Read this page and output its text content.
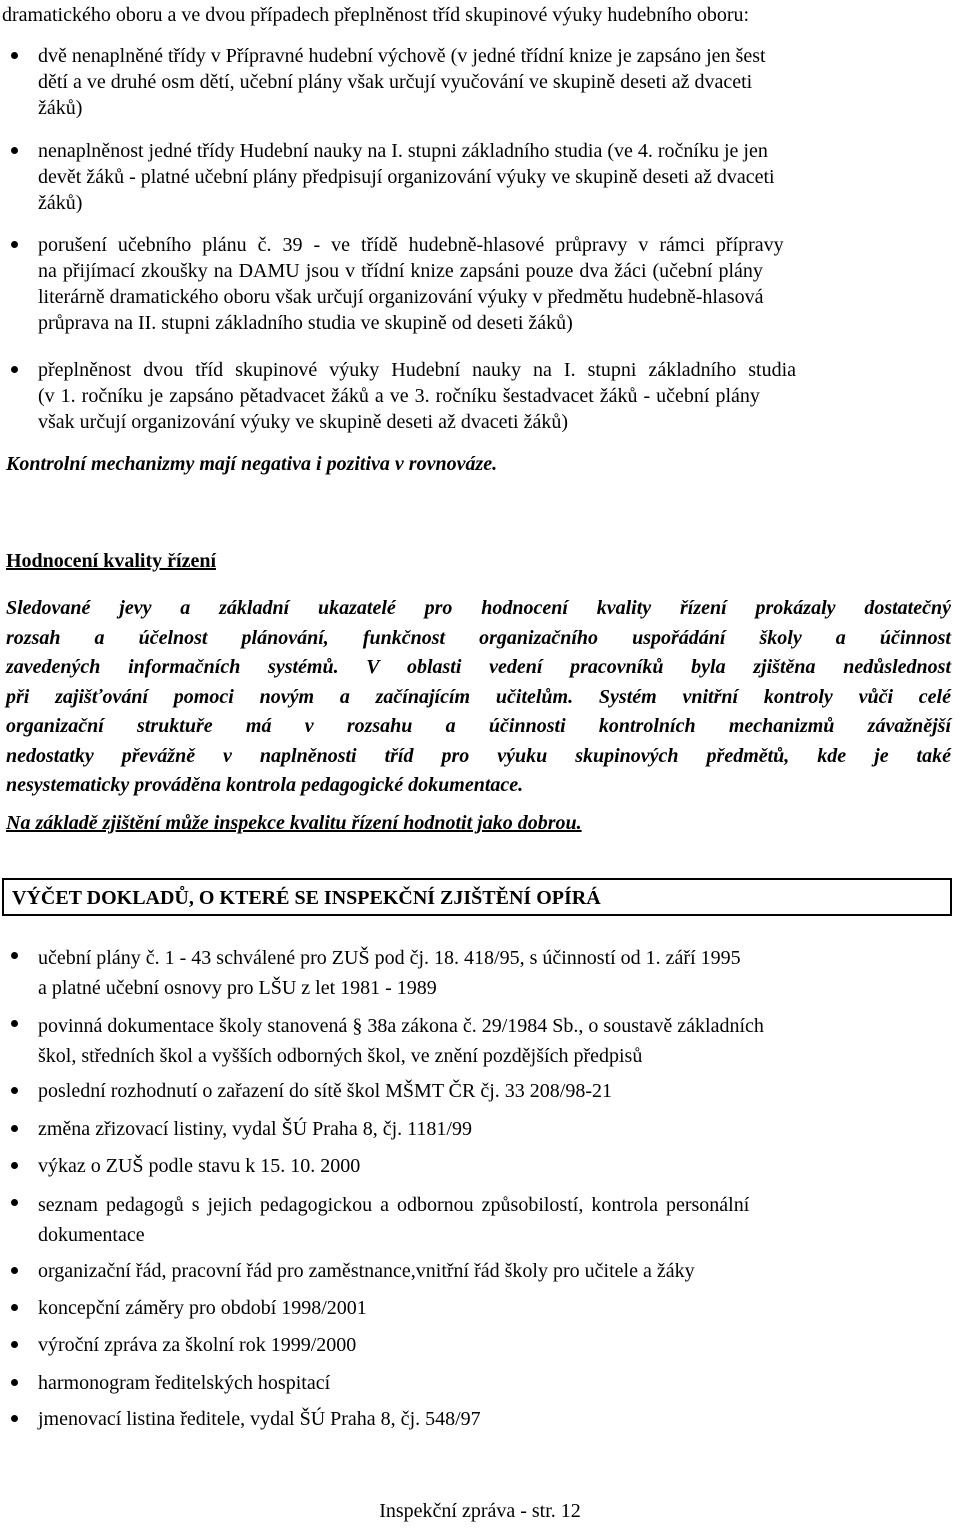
dramatického oboru a ve dvou případech přeplněnost tříd skupinové výuky hudebního oboru:
dvě nenaplněné třídy v Přípravné hudební výchově (v jedné třídní knize je zapsáno jen šest
dětí a ve druhé osm dětí, učební plány však určují vyučování ve skupině deseti až dvaceti
žáků)
nenaplněnost jedné třídy Hudební nauky na I. stupni základního studia (ve 4. ročníku je jen
devět žáků - platné učební plány předpisují organizování výuky ve skupině deseti až dvaceti
žáků)
porušení učebního plánu č. 39 - ve třídě hudebně-hlasové průpravy v rámci přípravy
na přijímací zkoušky na DAMU jsou v třídní knize zapsáni pouze dva žáci (učební plány
literárně dramatického oboru však určují organizování výuky v předmětu hudebně-hlasová
průprava na II. stupni základního studia ve skupině od deseti žáků)
přeplněnost dvou tříd skupinové výuky Hudební nauky na I. stupni základního studia
(v 1. ročníku je zapsáno pětadvacet žáků a ve 3. ročníku šestadvacet žáků - učební plány
však určují organizování výuky ve skupině deseti až dvaceti žáků)
Kontrolní mechanizmy mají negativa i pozitiva v rovnováze.
Hodnocení kvality řízení
Sledované jevy a základní ukazatelé pro hodnocení kvality řízení prokázaly dostatečný
rozsah a účelnost plánování, funkčnost organizačního uspořádání školy a účinnost
zavedených informačních systémů. V oblasti vedení pracovníků byla zjištěna nedůslednost
při zajišťování pomoci novým a začínajícím učitelům. Systém vnitřní kontroly vůči celé
organizační struktuře má v rozsahu a účinnosti kontrolních mechanizmů závažnější
nedostatky převážně v naplněnosti tříd pro výuku skupinových předmětů, kde je také
nesystematicky prováděna kontrola pedagogické dokumentace.
Na základě zjištění může inspekce kvalitu řízení hodnotit jako dobrou.
VÝČET DOKLADŮ, O KTERÉ SE INSPEKČNÍ ZJIŠTĚNÍ OPÍRÁ
učební plány č. 1 - 43 schválené pro ZUŠ pod čj. 18. 418/95, s účinností od 1. září 1995
a platné učební osnovy pro LŠU z let 1981 - 1989
povinná dokumentace školy stanovená § 38a zákona č. 29/1984 Sb., o soustavě základních
škol, středních škol a vyšších odborných škol, ve znění pozdějších předpisů
poslední rozhodnutí o zařazení do sítě škol MŠMT ČR čj. 33 208/98-21
změna zřizovací listiny, vydal ŠÚ Praha 8, čj. 1181/99
výkaz o ZUŠ podle stavu k 15. 10. 2000
seznam pedagogů s jejich pedagogickou a odbornou způsobilostí, kontrola personální
dokumentace
organizační řád, pracovní řád pro zaměstnance,vnitřní řád školy pro učitele a žáky
koncepční záměry pro období 1998/2001
výroční zpráva za školní rok 1999/2000
harmonogram ředitelských hospitací
jmenovací listina ředitele, vydal ŠÚ Praha 8, čj. 548/97
Inspekční zpráva - str. 12
